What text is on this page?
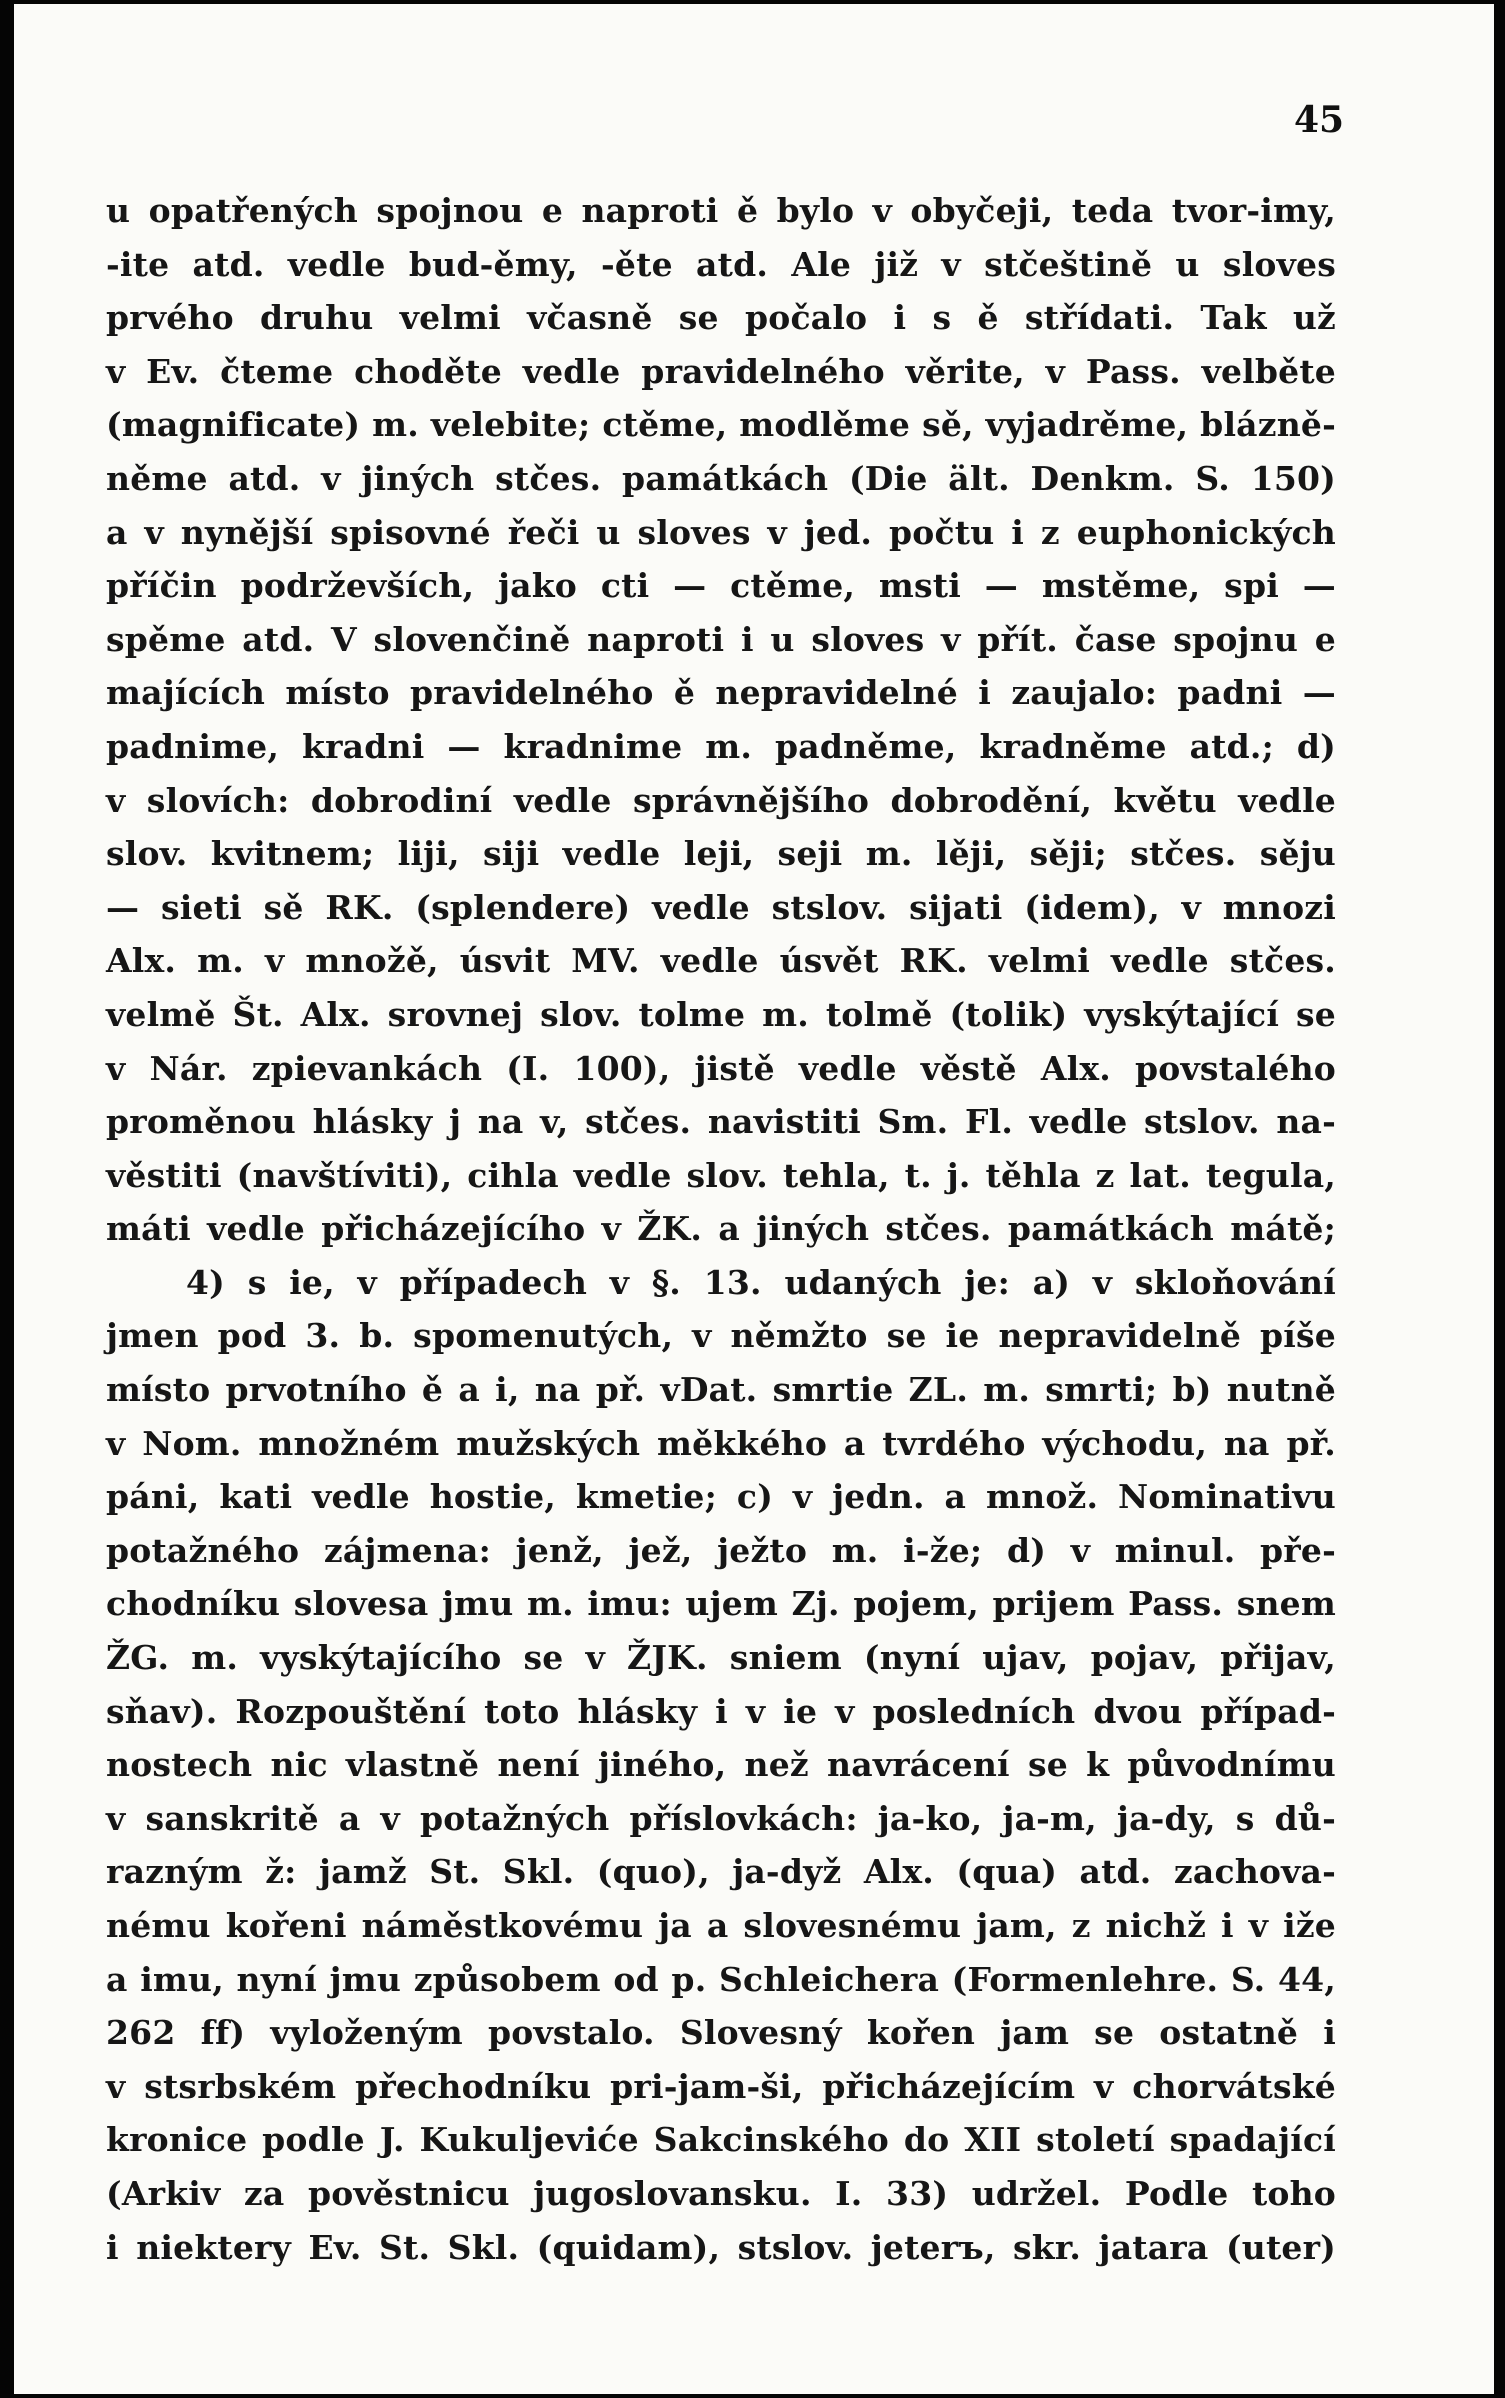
45

u opatřených spojnou e naproti ě bylo v obyčeji, teda tvor-imy,

-ite atd. vedle bud-ěmy, -ěte atd. Ale již v stčeštině u sloves

prvého druhu velmi včasně se počalo i s ě střídati. Tak už

v Ev. čteme choděte vedle pravidelného věrite, v Pass. velběte

(magnificate) m. velebite; ctěme, modlěme sě, vyjadrěme, blázně-

něme atd. v jiných stčes. památkách (Die ält. Denkm. S. 150)

a v nynější spisovné řeči u sloves v jed. počtu i z euphonických

příčin podrževších, jako cti — ctěme, msti — mstěme, spi —

spěme atd. V slovenčině naproti i u sloves v přít. čase spojnu e

majících místo pravidelného ě nepravidelné i zaujalo: padni —

padnime, kradni — kradnime m. padněme, kradněme atd.; d)

v slovích: dobrodiní vedle správnějšího dobrodění, květu vedle

slov. kvitnem; liji, siji vedle leji, seji m. lěji, sěji; stčes. sěju

— sieti sě RK. (splendere) vedle stslov. sijati (idem), v mnozi

Alx. m. v množě, úsvit MV. vedle úsvět RK. velmi vedle stčes.

velmě Št. Alx. srovnej slov. tolme m. tolmě (tolik) vyskýtající se

v Nár. zpievankách (I. 100), jistě vedle věstě Alx. povstalého

proměnou hlásky j na v, stčes. navistiti Sm. Fl. vedle stslov. na-

věstiti (navštíviti), cihla vedle slov. tehla, t. j. těhla z lat. tegula,

máti vedle přicházejícího v ŽK. a jiných stčes. památkách mátě;

4) s ie, v případech v §. 13. udaných je: a) v skloňování

jmen pod 3. b. spomenutých, v němžto se ie nepravidelně píše

místo prvotního ě a i, na př. vDat. smrtie ZL. m. smrti; b) nutně

v Nom. množném mužských měkkého a tvrdého východu, na př.

páni, kati vedle hostie, kmetie; c) v jedn. a množ. Nominativu

potažného zájmena: jenž, jež, ježto m. i-že; d) v minul. pře-

chodníku slovesa jmu m. imu: ujem Zj. pojem, prijem Pass. snem

ŽG. m. vyskýtajícího se v ŽJK. sniem (nyní ujav, pojav, přijav,

sňav). Rozpouštění toto hlásky i v ie v posledních dvou případ-

nostech nic vlastně není jiného, než navrácení se k původnímu

v sanskritě a v potažných příslovkách: ja-ko, ja-m, ja-dy, s dů-

razným ž: jamž St. Skl. (quo), ja-dyž Alx. (qua) atd. zachova-

nému kořeni náměstkovému ja a slovesnému jam, z nichž i v iže

a imu, nyní jmu způsobem od p. Schleichera (Formenlehre. S. 44,

262 ff) vyloženým povstalo. Slovesný kořen jam se ostatně i

v stsrbském přechodníku pri-jam-ši, přicházejícím v chorvátské

kronice podle J. Kukuljeviće Sakcinského do XII století spadající

(Arkiv za pověstnicu jugoslovansku. I. 33) udržel. Podle toho

i niektery Ev. St. Skl. (quidam), stslov. jeterъ, skr. jatara (uter)
